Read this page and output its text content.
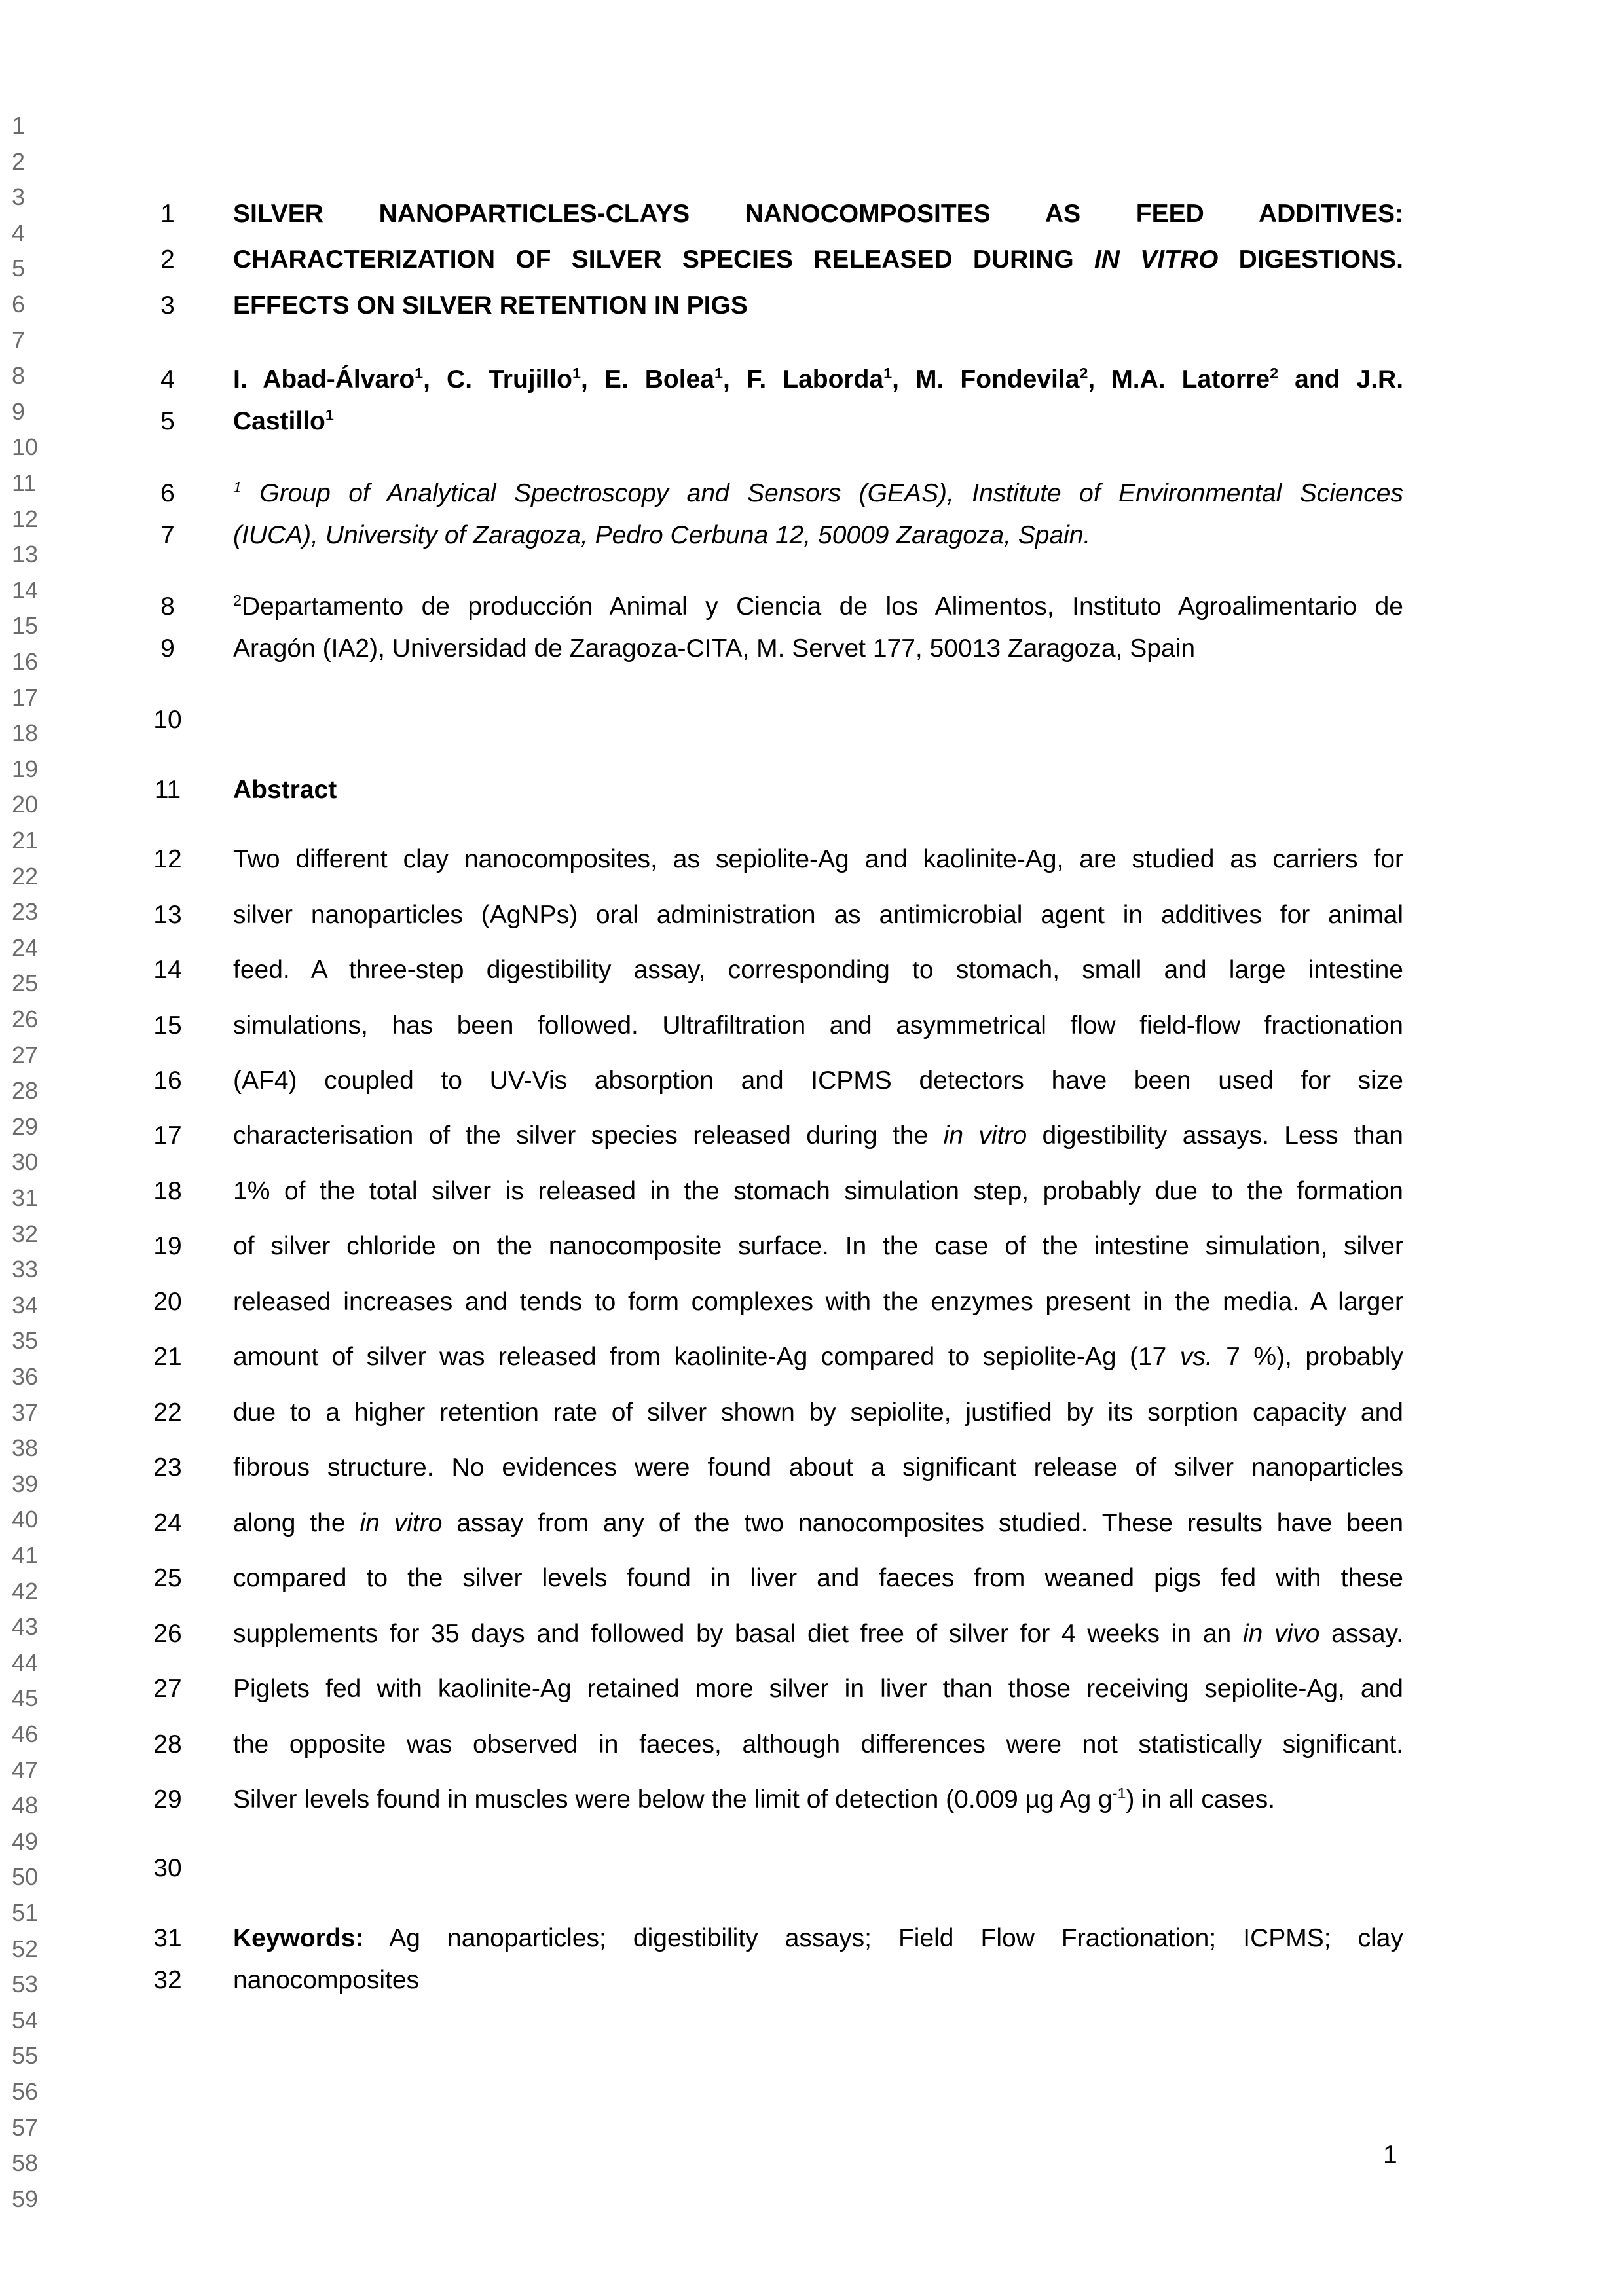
1
2
3
4
5
6
7
8
9
10
11
12
13
14
15
16
17
18
19
20
21
22
23
24
25
26
27
28
29
30
31
32
33
34
35
36
37
38
39
40
41
42
43
44
45
46
47
48
49
50
51
52
53
54
55
56
57
58
59
1
2
3
4
5
6
7
8
9
10
11
12
13
14
15
16
17
18
19
20
21
22
23
24
25
26
27
28
29
30
31
32
SILVER NANOPARTICLES-CLAYS NANOCOMPOSITES AS FEED ADDITIVES:
CHARACTERIZATION OF SILVER SPECIES RELEASED DURING IN VITRO DIGESTIONS.
EFFECTS ON SILVER RETENTION IN PIGS
I. Abad-Álvaro$^1$, C. Trujillo$^1$, E. Bolea$^1$, F. Laborda$^1$, M. Fondevila$^2$, M.A. Latorre$^2$ and J.R.
Castillo$^1$
$^1$ Group of Analytical Spectroscopy and Sensors (GEAS), Institute of Environmental Sciences
(IUCA), University of Zaragoza, Pedro Cerbuna 12, 50009 Zaragoza, Spain.
$^2$Departamento de producción Animal y Ciencia de los Alimentos, Instituto Agroalimentario de
Aragón (IA2), Universidad de Zaragoza-CITA, M. Servet 177, 50013 Zaragoza, Spain
Abstract
Two different clay nanocomposites, as sepiolite-Ag and kaolinite-Ag, are studied as carriers for
silver nanoparticles (AgNPs) oral administration as antimicrobial agent in additives for animal
feed. A three-step digestibility assay, corresponding to stomach, small and large intestine
simulations, has been followed. Ultrafiltration and asymmetrical flow field-flow fractionation
(AF4) coupled to UV-Vis absorption and ICPMS detectors have been used for size
characterisation of the silver species released during the in vitro digestibility assays. Less than
1% of the total silver is released in the stomach simulation step, probably due to the formation
of silver chloride on the nanocomposite surface. In the case of the intestine simulation, silver
released increases and tends to form complexes with the enzymes present in the media. A larger
amount of silver was released from kaolinite-Ag compared to sepiolite-Ag (17 vs. 7 %), probably
due to a higher retention rate of silver shown by sepiolite, justified by its sorption capacity and
fibrous structure. No evidences were found about a significant release of silver nanoparticles
along the in vitro assay from any of the two nanocomposites studied. These results have been
compared to the silver levels found in liver and faeces from weaned pigs fed with these
supplements for 35 days and followed by basal diet free of silver for 4 weeks in an in vivo assay.
Piglets fed with kaolinite-Ag retained more silver in liver than those receiving sepiolite-Ag, and
the opposite was observed in faeces, although differences were not statistically significant.
Silver levels found in muscles were below the limit of detection (0.009 µg Ag $g^{-1}$) in all cases.
Keywords: Ag nanoparticles; digestibility assays; Field Flow Fractionation; ICPMS; clay
nanocomposites
1
